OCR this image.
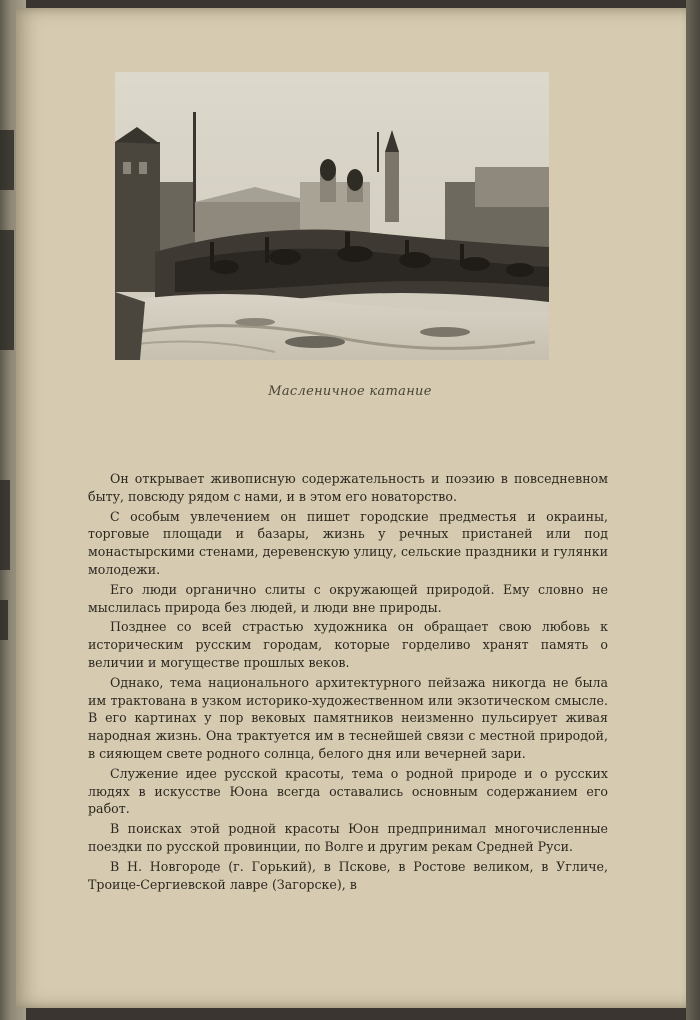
Масленичное катание

Он открывает живописную содержательность и поэзию в повседневном быту, повсюду рядом с нами, и в этом его новаторство.

С особым увлечением он пишет городские предместья и окраины, торговые площади и базары, жизнь у речных пристаней или под монастырскими стенами, деревенскую улицу, сельские праздники и гулянки молодежи.

Его люди органично слиты с окружающей природой. Ему словно не мыслилась природа без людей, и люди вне природы.

Позднее со всей страстью художника он обращает свою любовь к историческим русским городам, которые горделиво хранят память о величии и могуществе прошлых веков.

Однако, тема национального архитектурного пейзажа никогда не была им трактована в узком историко-художественном или экзотическом смысле. В его картинах у пор вековых памятников неизменно пульсирует живая народная жизнь. Она трактуется им в теснейшей связи с местной природой, в сияющем свете родного солнца, белого дня или вечерней зари.

Служение идее русской красоты, тема о родной природе и о русских людях в искусстве Юона всегда оставались основным содержанием его работ.

В поисках этой родной красоты Юон предпринимал многочисленные поездки по русской провинции, по Волге и другим рекам Средней Руси.

В Н. Новгороде (г. Горький), в Пскове, в Ростове великом, в Угличе, Троице-Сергиевской лавре (Загорске), в
